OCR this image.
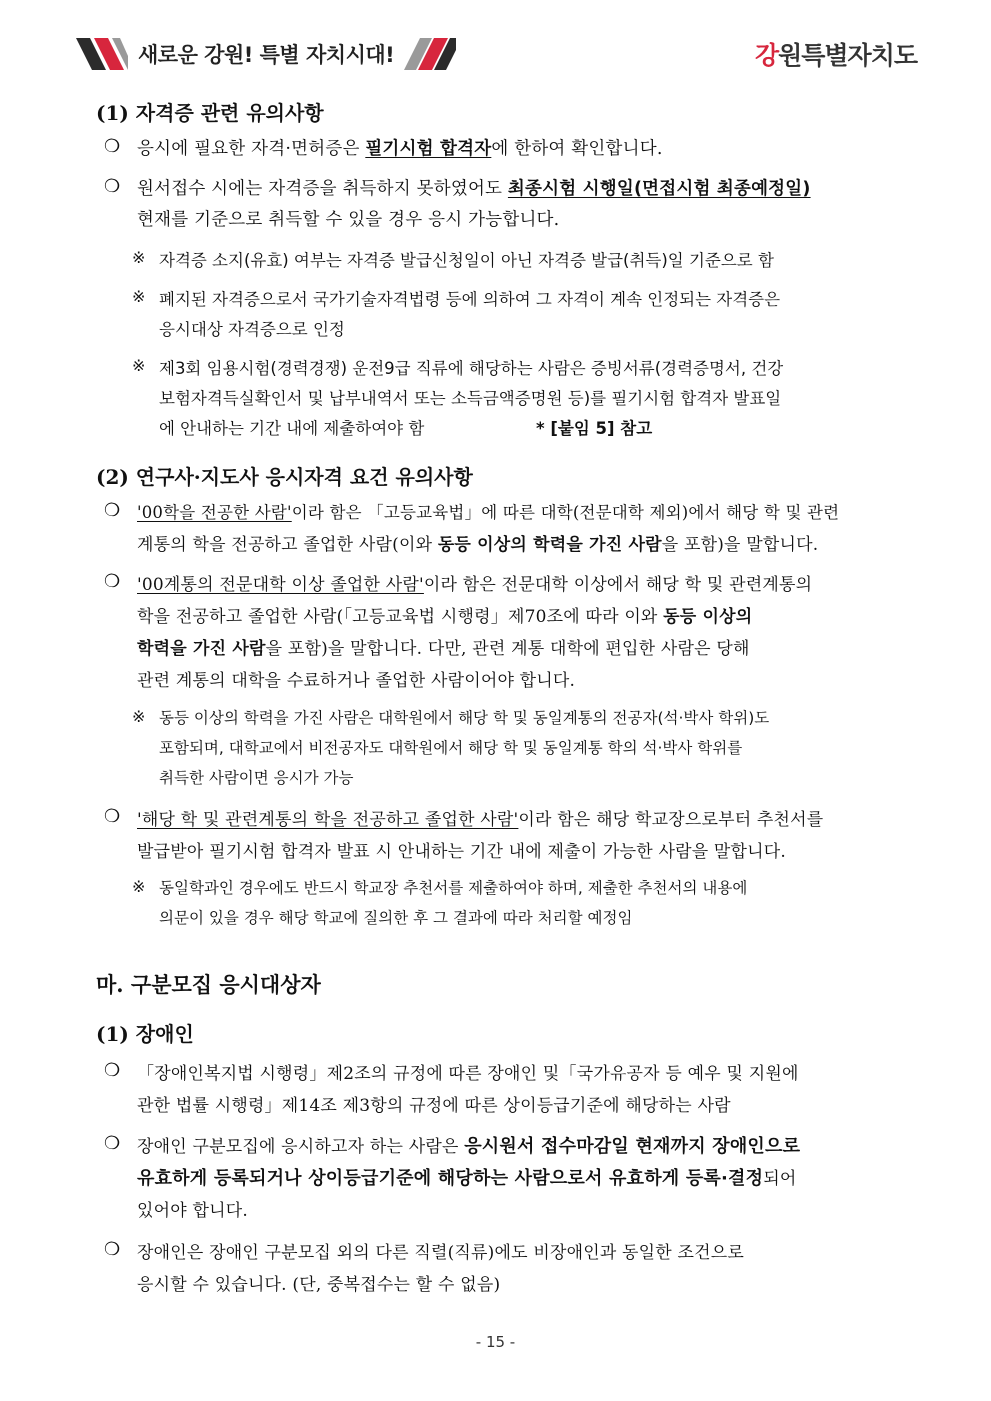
새로운 강원! 특별 자치시대!	강원특별자치도
(1) 자격증 관련 유의사항
❍ 응시에 필요한 자격·면허증은 필기시험 합격자에 한하여 확인합니다.
❍ 원서접수 시에는 자격증을 취득하지 못하였어도 최종시험 시행일(면접시험 최종예정일)
현재를 기준으로 취득할 수 있을 경우 응시 가능합니다.
※ 자격증 소지(유효) 여부는 자격증 발급신청일이 아닌 자격증 발급(취득)일 기준으로 함
※ 폐지된 자격증으로서 국가기술자격법령 등에 의하여 그 자격이 계속 인정되는 자격증은
응시대상 자격증으로 인정
※ 제3회 임용시험(경력경쟁) 운전9급 직류에 해당하는 사람은 증빙서류(경력증명서, 건강
보험자격득실확인서 및 납부내역서 또는 소득금액증명원 등)를 필기시험 합격자 발표일
에 안내하는 기간 내에 제출하여야 함	* [붙임 5] 참고
(2) 연구사·지도사 응시자격 요건 유의사항
❍ '00학을 전공한 사람'이라 함은 「고등교육법」에 따른 대학(전문대학 제외)에서 해당 학 및 관련
계통의 학을 전공하고 졸업한 사람(이와 동등 이상의 학력을 가진 사람을 포함)을 말합니다.
❍ '00계통의 전문대학 이상 졸업한 사람'이라 함은 전문대학 이상에서 해당 학 및 관련계통의
학을 전공하고 졸업한 사람(「고등교육법 시행령」제70조에 따라 이와 동등 이상의
학력을 가진 사람을 포함)을 말합니다. 다만, 관련 계통 대학에 편입한 사람은 당해
관련 계통의 대학을 수료하거나 졸업한 사람이어야 합니다.
※ 동등 이상의 학력을 가진 사람은 대학원에서 해당 학 및 동일계통의 전공자(석·박사 학위)도
포함되며, 대학교에서 비전공자도 대학원에서 해당 학 및 동일계통 학의 석·박사 학위를
취득한 사람이면 응시가 가능
❍ '해당 학 및 관련계통의 학을 전공하고 졸업한 사람'이라 함은 해당 학교장으로부터 추천서를
발급받아 필기시험 합격자 발표 시 안내하는 기간 내에 제출이 가능한 사람을 말합니다.
※ 동일학과인 경우에도 반드시 학교장 추천서를 제출하여야 하며, 제출한 추천서의 내용에
의문이 있을 경우 해당 학교에 질의한 후 그 결과에 따라 처리할 예정임
마. 구분모집 응시대상자
(1) 장애인
❍ 「장애인복지법 시행령」제2조의 규정에 따른 장애인 및「국가유공자 등 예우 및 지원에
관한 법률 시행령」제14조 제3항의 규정에 따른 상이등급기준에 해당하는 사람
❍ 장애인 구분모집에 응시하고자 하는 사람은 응시원서 접수마감일 현재까지 장애인으로
유효하게 등록되거나 상이등급기준에 해당하는 사람으로서 유효하게 등록·결정되어
있어야 합니다.
❍ 장애인은 장애인 구분모집 외의 다른 직렬(직류)에도 비장애인과 동일한 조건으로
응시할 수 있습니다. (단, 중복접수는 할 수 없음)
- 15 -
